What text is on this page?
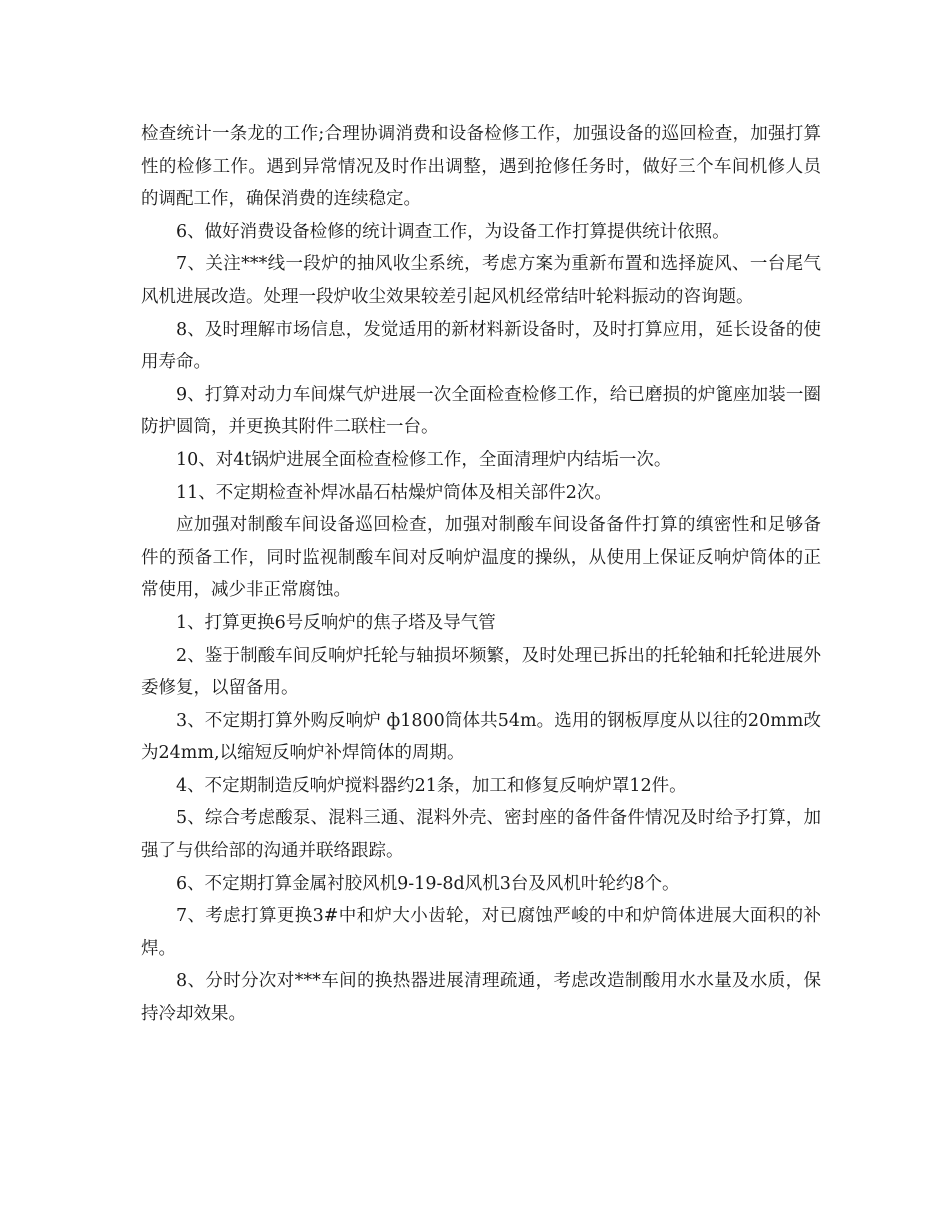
检查统计一条龙的工作;合理协调消费和设备检修工作，加强设备的巡回检查，加强打算性的检修工作。遇到异常情况及时作出调整，遇到抢修任务时，做好三个车间机修人员的调配工作，确保消费的连续稳定。

6、做好消费设备检修的统计调查工作，为设备工作打算提供统计依照。

7、关注***线一段炉的抽风收尘系统，考虑方案为重新布置和选择旋风、一台尾气风机进展改造。处理一段炉收尘效果较差引起风机经常结叶轮料振动的咨询题。

8、及时理解市场信息，发觉适用的新材料新设备时，及时打算应用，延长设备的使用寿命。

9、打算对动力车间煤气炉进展一次全面检查检修工作，给已磨损的炉篦座加装一圈防护圆筒，并更换其附件二联柱一台。

10、对4t锅炉进展全面检查检修工作，全面清理炉内结垢一次。

11、不定期检查补焊冰晶石枯燥炉筒体及相关部件2次。

应加强对制酸车间设备巡回检查，加强对制酸车间设备备件打算的缜密性和足够备件的预备工作，同时监视制酸车间对反响炉温度的操纵，从使用上保证反响炉筒体的正常使用，减少非正常腐蚀。

1、打算更换6号反响炉的焦子塔及导气管

2、鉴于制酸车间反响炉托轮与轴损坏频繁，及时处理已拆出的托轮轴和托轮进展外委修复，以留备用。

3、不定期打算外购反响炉 ф1800筒体共54m。选用的钢板厚度从以往的20mm改为24mm,以缩短反响炉补焊筒体的周期。

4、不定期制造反响炉搅料器约21条，加工和修复反响炉罩12件。

5、综合考虑酸泵、混料三通、混料外壳、密封座的备件备件情况及时给予打算，加强了与供给部的沟通并联络跟踪。

6、不定期打算金属衬胶风机9-19-8d风机3台及风机叶轮约8个。

7、考虑打算更换3#中和炉大小齿轮，对已腐蚀严峻的中和炉筒体进展大面积的补焊。

8、分时分次对***车间的换热器进展清理疏通，考虑改造制酸用水水量及水质，保持冷却效果。
